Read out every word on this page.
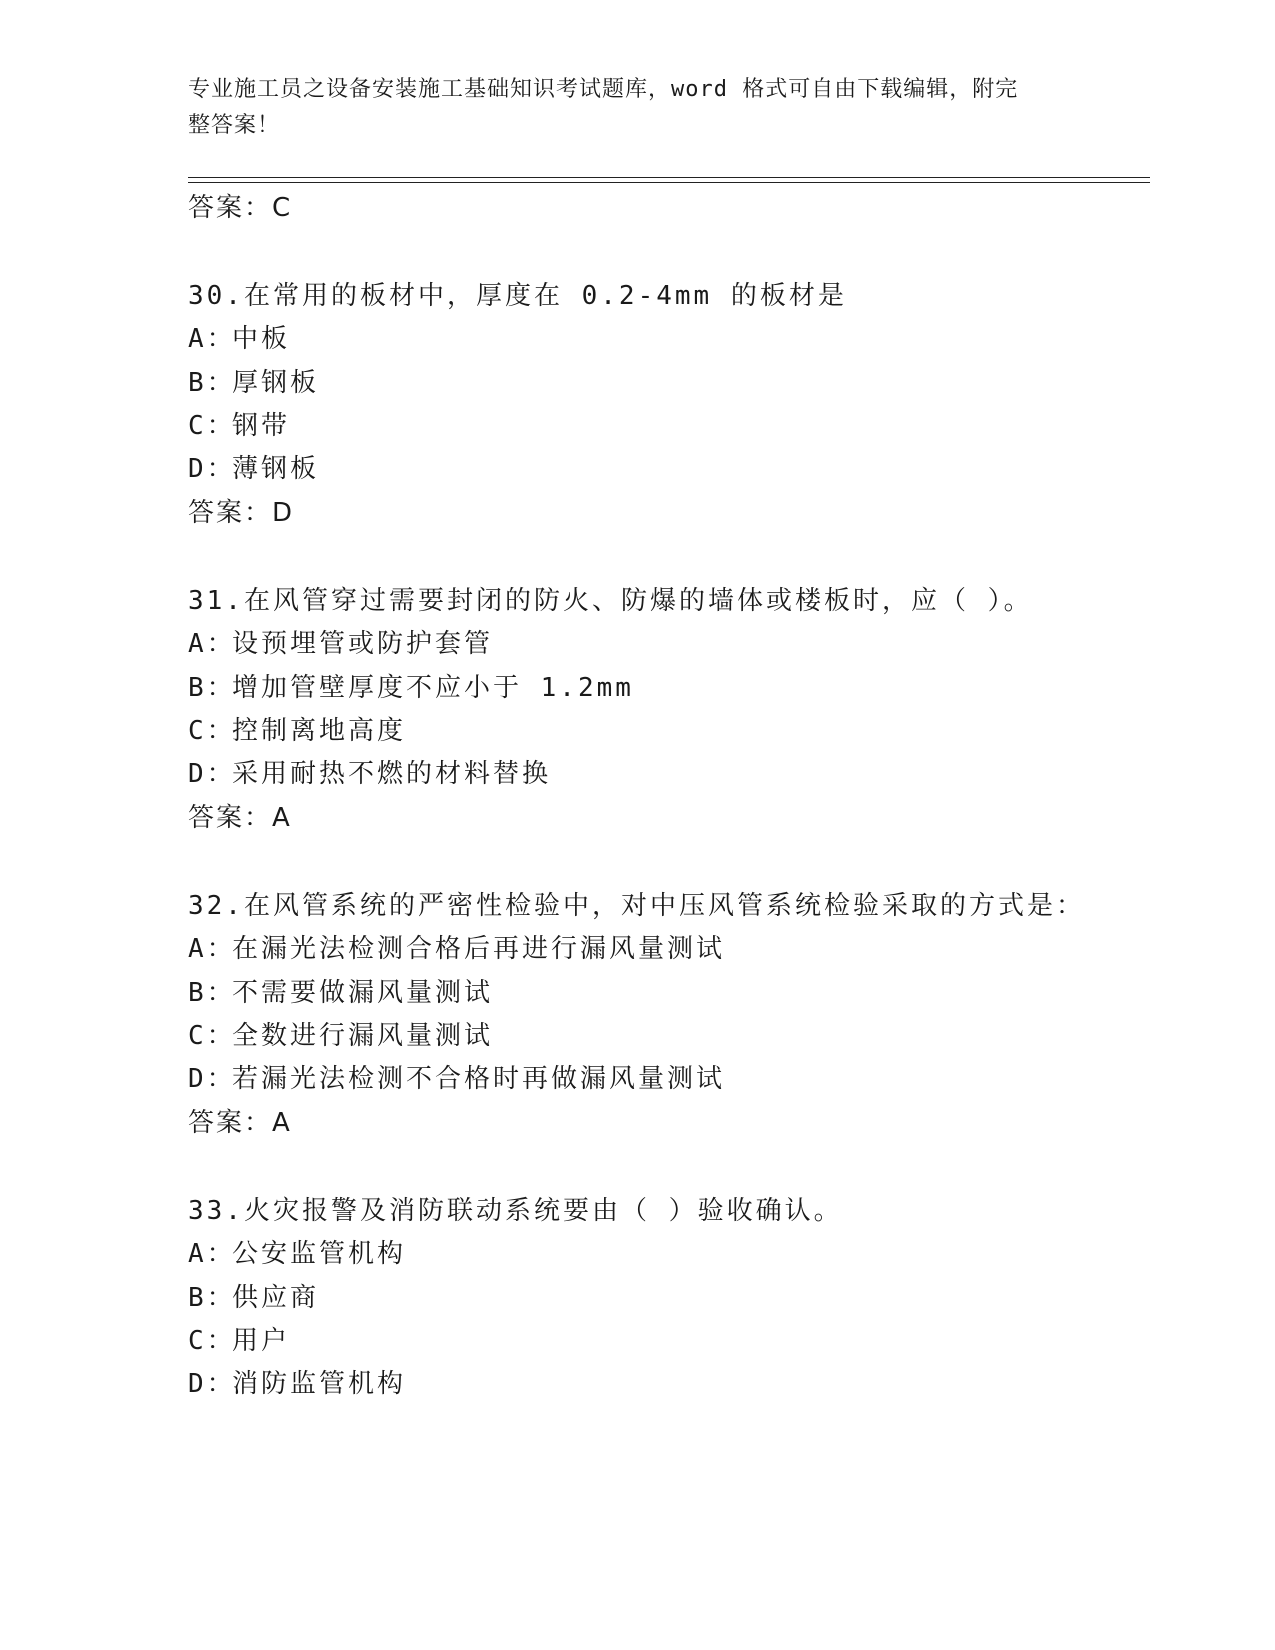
专业施工员之设备安装施工基础知识考试题库，word 格式可自由下载编辑，附完
整答案！
答案：C
30.在常用的板材中，厚度在 0.2-4mm 的板材是
A：中板
B：厚钢板
C：钢带
D：薄钢板
答案：D
31.在风管穿过需要封闭的防火、防爆的墙体或楼板时，应（ ）。
A：设预埋管或防护套管
B：增加管壁厚度不应小于 1.2mm
C：控制离地高度
D：采用耐热不燃的材料替换
答案：A
32.在风管系统的严密性检验中，对中压风管系统检验采取的方式是：
A：在漏光法检测合格后再进行漏风量测试
B：不需要做漏风量测试
C：全数进行漏风量测试
D：若漏光法检测不合格时再做漏风量测试
答案：A
33.火灾报警及消防联动系统要由（ ）验收确认。
A：公安监管机构
B：供应商
C：用户
D：消防监管机构
